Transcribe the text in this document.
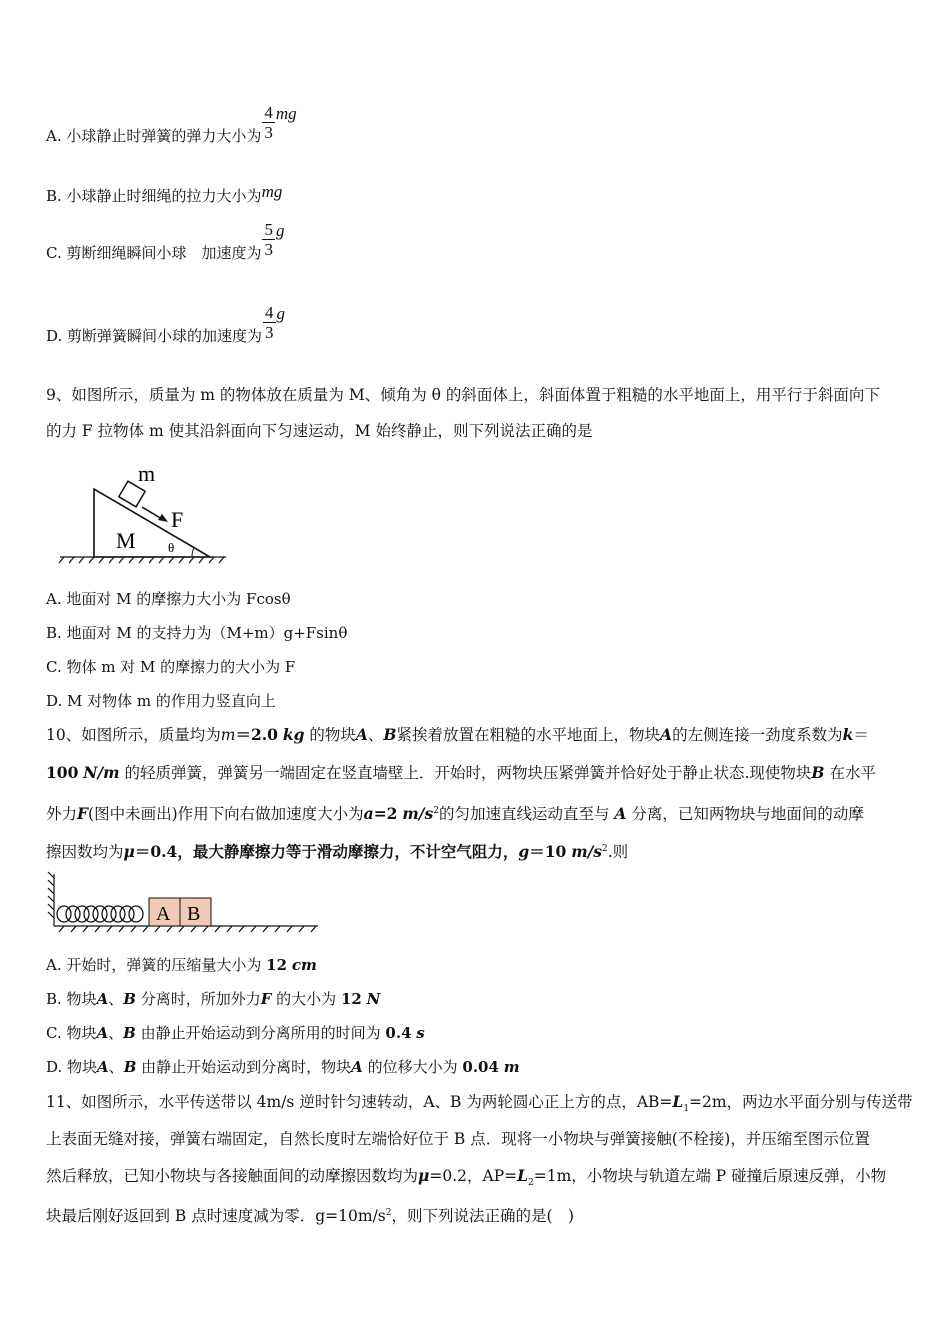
A. 小球静止时弹簧的弹力大小为 $\frac{4}{3}$ mg
B. 小球静止时细绳的拉力大小为mg
C. 剪断细绳瞬间小球　加速度为 $\frac{5}{3}$ g
D. 剪断弹簧瞬间小球的加速度为 $\frac{4}{3}$ g
9、如图所示，质量为 m 的物体放在质量为 M、倾角为 θ 的斜面体上，斜面体置于粗糙的水平地面上，用平行于斜面向下
的力 F 拉物体 m 使其沿斜面向下匀速运动，M 始终静止，则下列说法正确的是
m
F
M θ
A. 地面对 M 的摩擦力大小为 Fcosθ
B. 地面对 M 的支持力为（M+m）g+Fsinθ
C. 物体 m 对 M 的摩擦力的大小为 F
D. M 对物体 m 的作用力竖直向上
10、如图所示，质量均为m＝2.0 kg 的物块A、B紧挨着放置在粗糙的水平地面上，物块A的左侧连接一劲度系数为k＝
100 N/m 的轻质弹簧，弹簧另一端固定在竖直墙壁上．开始时，两物块压紧弹簧并恰好处于静止状态.现使物块B 在水平
外力F(图中未画出)作用下向右做加速度大小为a=2 $m/s^2$的匀加速直线运动直至与 A 分离，已知两物块与地面间的动摩
擦因数均为μ＝0.4，最大静摩擦力等于滑动摩擦力，不计空气阻力，g＝10 $m/s^2$.则
A B
A. 开始时，弹簧的压缩量大小为 12 cm
B. 物块A、B 分离时，所加外力F 的大小为 12 N
C. 物块A、B 由静止开始运动到分离所用的时间为 0.4 s
D. 物块A、B 由静止开始运动到分离时，物块A 的位移大小为 0.04 m
11、如图所示，水平传送带以 4m/s 逆时针匀速转动，A、B 为两轮圆心正上方的点，$AB=L_1=2m$，两边水平面分别与传送带
上表面无缝对接，弹簧右端固定，自然长度时左端恰好位于 B 点．现将一小物块与弹簧接触(不栓接)，并压缩至图示位置
然后释放，已知小物块与各接触面间的动摩擦因数均为μ=0.2，$AP=L_2=1m$，小物块与轨道左端 P 碰撞后原速反弹，小物
块最后刚好返回到 B 点时速度减为零．$g=10m/s^2$，则下列说法正确的是(　)
